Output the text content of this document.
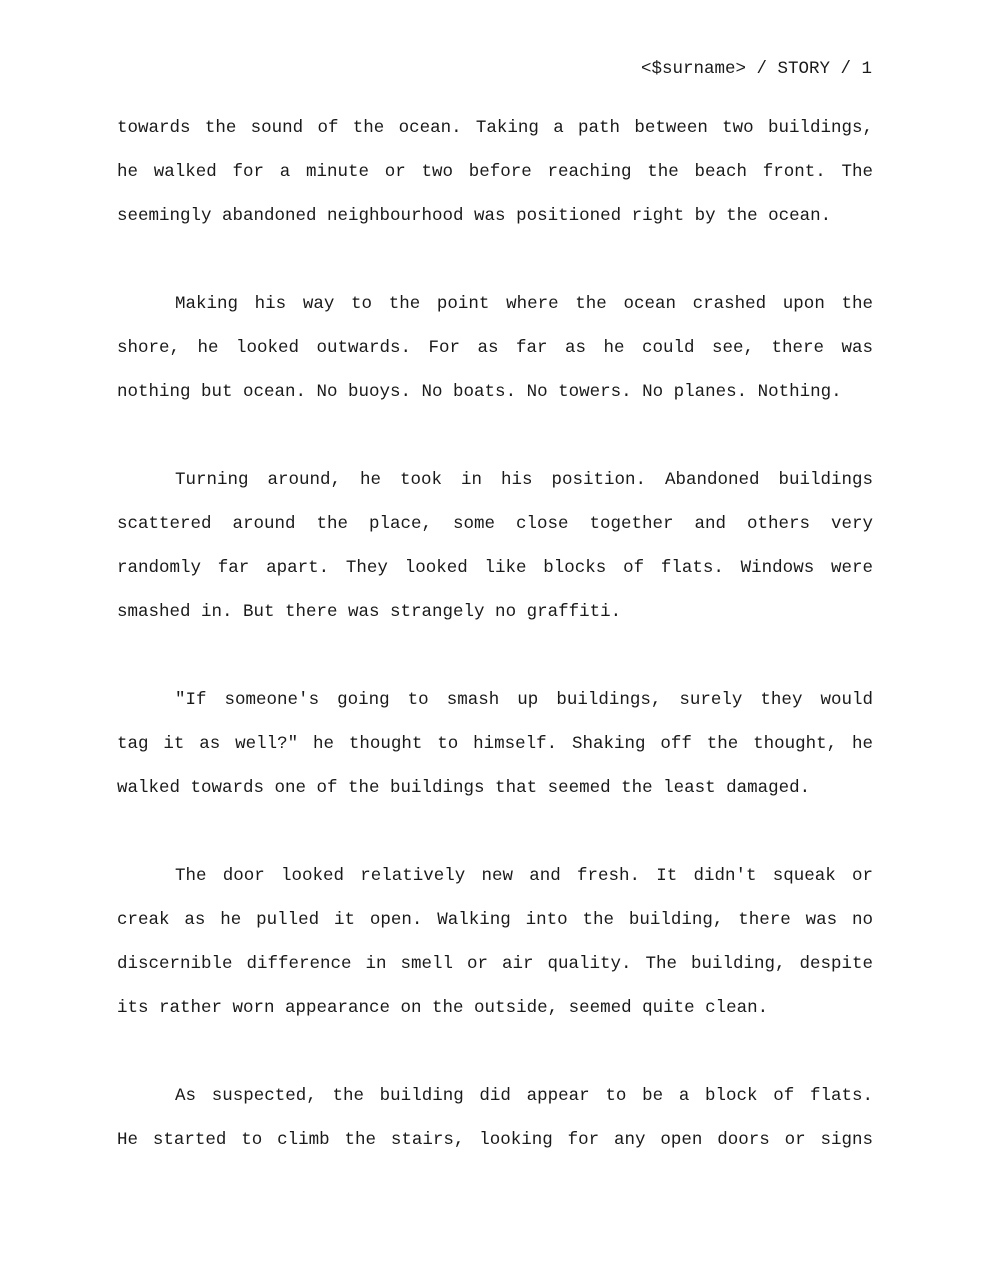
<$surname> / STORY / 1
towards the sound of the ocean. Taking a path between two buildings,
he walked for a minute or two before reaching the beach front. The
seemingly abandoned neighbourhood was positioned right by the ocean.
Making his way to the point where the ocean crashed upon the
shore, he looked outwards. For as far as he could see, there was
nothing but ocean. No buoys. No boats. No towers. No planes. Nothing.
Turning around, he took in his position. Abandoned buildings
scattered around the place, some close together and others very
randomly far apart. They looked like blocks of flats. Windows were
smashed in. But there was strangely no graffiti.
"If someone's going to smash up buildings, surely they would
tag it as well?" he thought to himself. Shaking off the thought, he
walked towards one of the buildings that seemed the least damaged.
The door looked relatively new and fresh. It didn't squeak or
creak as he pulled it open. Walking into the building, there was no
discernible difference in smell or air quality. The building, despite
its rather worn appearance on the outside, seemed quite clean.
As suspected, the building did appear to be a block of flats.
He started to climb the stairs, looking for any open doors or signs
